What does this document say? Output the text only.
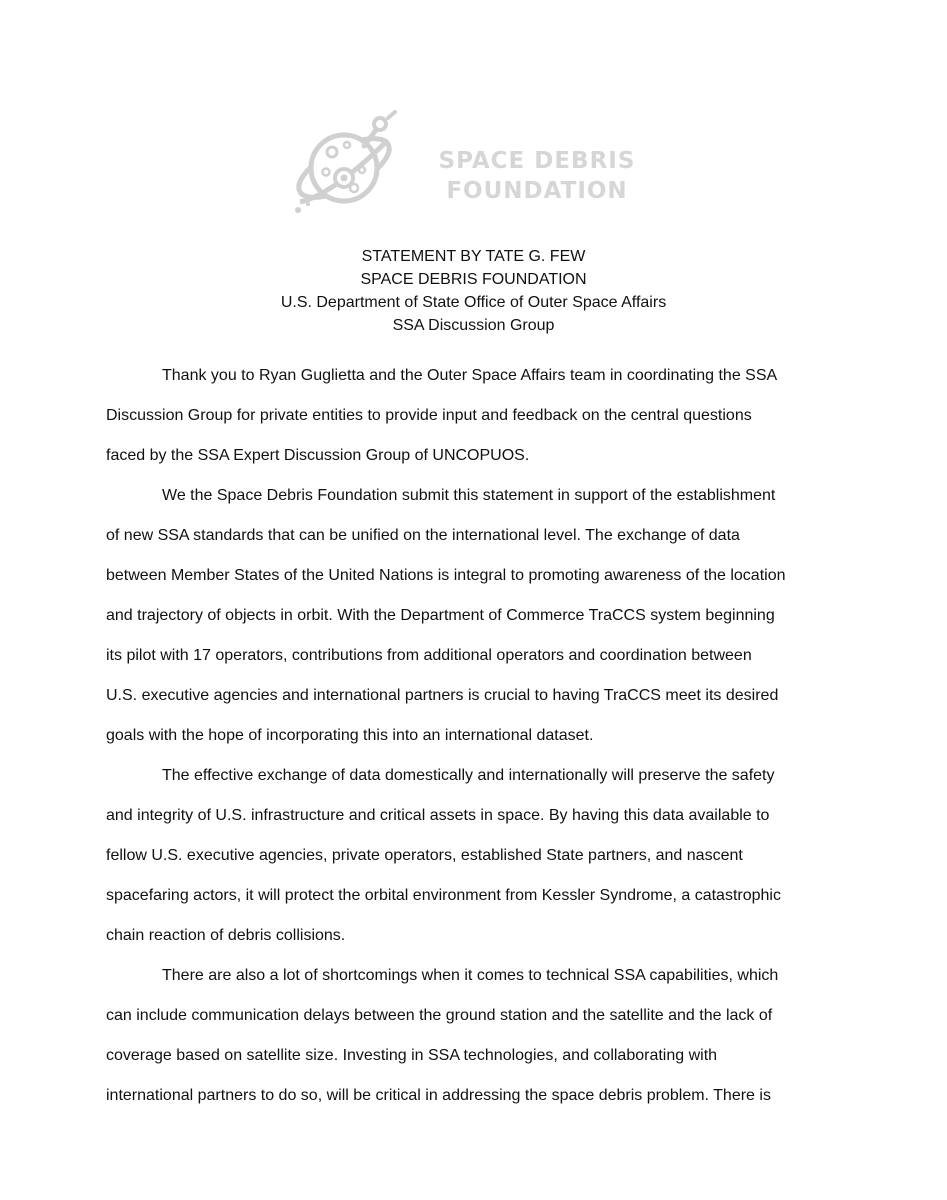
SPACE DEBRIS
FOUNDATION
STATEMENT BY TATE G. FEW
SPACE DEBRIS FOUNDATION
U.S. Department of State Office of Outer Space Affairs
SSA Discussion Group
Thank you to Ryan Guglietta and the Outer Space Affairs team in coordinating the SSA
Discussion Group for private entities to provide input and feedback on the central questions
faced by the SSA Expert Discussion Group of UNCOPUOS.
We the Space Debris Foundation submit this statement in support of the establishment
of new SSA standards that can be unified on the international level. The exchange of data
between Member States of the United Nations is integral to promoting awareness of the location
and trajectory of objects in orbit. With the Department of Commerce TraCCS system beginning
its pilot with 17 operators, contributions from additional operators and coordination between
U.S. executive agencies and international partners is crucial to having TraCCS meet its desired
goals with the hope of incorporating this into an international dataset.
The effective exchange of data domestically and internationally will preserve the safety
and integrity of U.S. infrastructure and critical assets in space. By having this data available to
fellow U.S. executive agencies, private operators, established State partners, and nascent
spacefaring actors, it will protect the orbital environment from Kessler Syndrome, a catastrophic
chain reaction of debris collisions.
There are also a lot of shortcomings when it comes to technical SSA capabilities, which
can include communication delays between the ground station and the satellite and the lack of
coverage based on satellite size. Investing in SSA technologies, and collaborating with
international partners to do so, will be critical in addressing the space debris problem. There is
